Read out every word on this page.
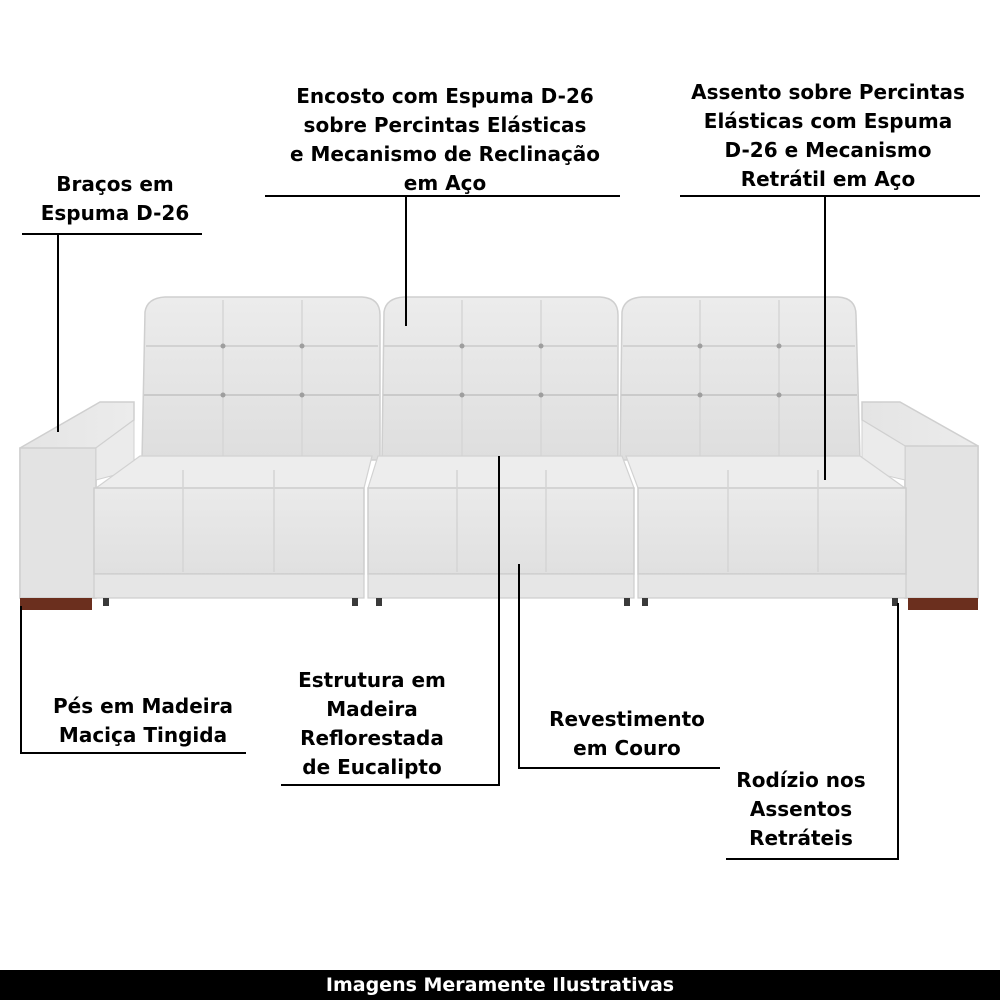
Braços em
Espuma D-26
Encosto com Espuma D-26
sobre Percintas Elásticas
e Mecanismo de Reclinação
em Aço
Assento sobre Percintas
Elásticas com Espuma
D-26 e Mecanismo
Retrátil em Aço
Pés em Madeira
Maciça Tingida
Estrutura em
Madeira
Reflorestada
de Eucalipto
Revestimento
em Couro
Rodízio nos
Assentos
Retráteis
Imagens Meramente Ilustrativas
